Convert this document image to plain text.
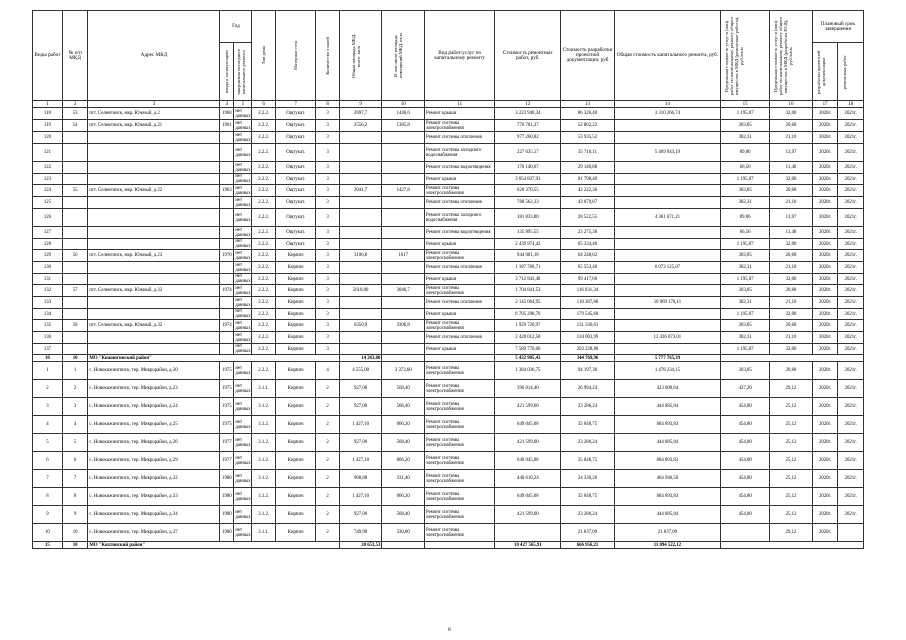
Виды работ	№ п/п МКД	Адрес МКД	Год		Тип дома	Материал стен	Количество этажей	Общая площадь МКД, всего, кв.м	В том числе площадь помещений МКД, кв.м	Вид работ/услуг по капитальному ремонту	Стоимость ремонтных работ, руб.	Стоимость разработки проектной документации, руб	Общая стоимость капитального ремонта, руб.	Предельная стоимость услуг и (или) работ по капитальному ремонту общего имущества в МКД (ремонтные работы), руб./кв.м	Предельная стоимость услуг и (или) работ по капитальному ремонту общего имущества в МКД (разработка ПСД), руб./кв.м	Плановый срок завершения	

			ввода в эксплуатацию	завершения последнего капитального ремонта												разработки проектной документации	ремонтных работ

1	2	3	4	5	6	7	8	9	10	11	12	13	14	15	16	17	18
118	53	пгт. Селенгинск, мкр. Южный, д.2	1968	нет данных	2.2.2.	Ощтукат.	3	2697,7	1446,6	Ремонт крыши	3 223 940,34	86 326,40	3 310 266,74	1 195,07	32,00	2020г.	2021г.
119	54	пгт. Селенгинск, мкр. Южный, д.21	1961	нет данных	2.2.2.	Ощтукат.	3	2556,2	1385,8	Ремонт системы электроснабжения	776 701,37	52 862,22		303,85	20,68	2020г.	2021г.
120				нет данных	2.2.2.	Ощтукат.	3			Ремонт системы отопления	977 260,82	53 935,52		382,31	21,10	2020г.	2021г.
121				нет данных	2.2.2.	Ощтукат.	3			Ремонт системы холодного водоснабжения	227 635,17	35 710,11	5 469 943,19	89,06	13,97	2020г.	2021г.
122				нет данных	2.2.2.	Ощтукат.	3			Ремонт системы водоотведения	170 140,67	29 140,88		66,56	11,40	2020г.	2021г.
123				нет данных	2.2.2.	Ощтукат.	3			Ремонт крыши	3 054 837,93	81 798,40		1 195,07	32,00	2020г.	2021г.
124	55	пгт. Селенгинск, мкр. Южный, д.22	1963	нет данных	2.2.2.	Ощтукат.	3	2041,7	1427,8	Ремонт системы электроснабжения	620 370,55	42 222,36		303,85	20,68	2020г.	2021г.
125				нет данных	2.2.2.	Ощтукат.	3			Ремонт системы отопления	780 562,33	43 079,87		382,31	21,10	2020г.	2021г.
126				нет данных	2.2.2.	Ощтукат.	3			Ремонт системы холодного водоснабжения	181 833,80	28 522,55	4 361 071,21	89,06	13,97	2020г.	2021г.
127				нет данных	2.2.2.	Ощтукат.	3			Ремонт системы водоотведения	135 895,55	23 275,38		66,56	11,40	2020г.	2021г.
128				нет данных	2.2.2.	Ощтукат.	3			Ремонт крыши	2 439 974,42	65 334,40		1 195,07	32,00	2020г.	2021г.
129	56	пгт. Селенгинск, мкр. Южный, д.23	1970	нет данных	2.2.2.	Кирпич	3	3106,8	1617	Ремонт системы электроснабжения	944 001,18	64 248,62		303,85	20,68	2020г.	2021г.
130				нет данных	2.2.2.	Кирпич	3			Ремонт системы отопления	1 187 760,71	65 553,48	6 073 125,07	382,31	21,10	2020г.	2021г.
131				нет данных	2.2.2.	Кирпич	3			Ремонт крыши	3 712 843,48	99 417,60		1 195,07	32,00	2020г.	2021г.
132	57	пгт. Селенгинск, мкр. Южный, д.33	1974	нет данных	2.2.2.	Кирпич	3	5610,00	3046,7	Ремонт системы электроснабжения	1 704 841,53	116 031,34		303,85	20,68	2020г.	2021г.
133				нет данных	2.2.2.	Кирпич	3			Ремонт системы отопления	2 145 064,95	118 387,88	10 969 170,11	382,31	21,10	2020г.	2021г.
134				нет данных	2.2.2.	Кирпич	3			Ремонт крыши	6 705 298,76	179 545,60		1 195,07	32,00	2020г.	2021г.
135	58	пгт. Селенгинск, мкр. Южный, д.32	1974	нет данных	2.2.2.	Кирпич	3	6350,9	3306,8	Ремонт системы электроснабжения	1 929 720,97	131 336,61		303,85	20,68	2020г.	2021г.
136				нет данных	2.2.2.	Кирпич	3			Ремонт системы отопления	2 428 012,58	134 003,99	12 436 073,01	382,31	21,10	2020г.	2021г.
137				нет данных	2.2.2.	Кирпич	3			Ремонт крыши	7 589 770,06	203 228,80		1 195,07	32,00	2020г.	2021г.
10	10	МО "Кижингинский район"						14 263,00			5 432 905,43	344 769,96	5 777 765,39				
1	1	с. Новокижингинск, тер. Микрорайон, д.30	1975	нет данных	2.2.2.	Кирпич	4	4 555,00	3 373,60	Ремонт системы электроснабжения	1 384 036,75	94 197,30	1 478 234,15	303,85	20,68	2020г.	2021г.
2	2	с. Новокижингинск, тер. Микрорайон, д.23	1975	нет данных	3.1.1.	Кирпич	2	927,00	568,40	Ремонт системы электроснабжения	396 014,40	26 994,24	423 008,64	427,20	29,12	2020г.	2021г.
3	3	с. Новокижингинск, тер. Микрорайон, д.24	1975	нет данных	3.1.2.	Кирпич	2	927,00	568,40	Ремонт системы электроснабжения	421 599,60	23 286,24	444 885,84	454,80	25,12	2020г.	2021г.
4	4	с. Новокижингинск, тер. Микрорайон, д.25	1975	нет данных	3.1.2.	Кирпич	2	1 427,10	866,20	Ремонт системы электроснабжения	649 045,08	35 848,75	684 893,83	454,80	25,12	2020г.	2021г.
5	5	с. Новокижингинск, тер. Микрорайон, д.26	1977	нет данных	3.1.2.	Кирпич	2	927,00	568,40	Ремонт системы электроснабжения	421 599,60	23 286,24	444 885,84	454,80	25,12	2020г.	2021г.
6	6	с. Новокижингинск, тер. Микрорайон, д.29	1977	нет данных	3.1.2.	Кирпич	2	1 427,10	866,20	Ремонт системы электроснабжения	649 045,08	35 848,75	684 893,83	454,80	25,12	2020г.	2021г.
7	7	с. Новокижингинск, тер. Микрорайон, д.32	1980	нет данных	3.1.2.	Кирпич	2	968,80	331,40	Ремонт системы электроснабжения	440 610,24	24 336,26	464 946,50	454,80	25,12	2020г.	2021г.
8	8	с. Новокижингинск, тер. Микрорайон, д.33	1980	нет данных	3.1.2.	Кирпич	2	1 427,10	866,20	Ремонт системы электроснабжения	649 045,08	35 848,75	684 893,83	454,80	25,12	2020г.	2021г.
9	9	с. Новокижингинск, тер. Микрорайон, д.34	1980	нет данных	3.1.2.	Кирпич	2	927,00	568,40	Ремонт системы электроснабжения	421 599,60	23 286,24	444 885,84	454,80	25,12	2020г.	2021г.
10	10	с. Новокижингинск, тер. Микрорайон, д.37	1980	нет данных	3.1.1.	Кирпич	2	749,90	330,00	Ремонт системы электроснабжения		21 837,09	21 837,09		29,12	2020г.	
15	10	МО "Кяхтинский район"						20 653,53			10 427 565,91	666 956,21	11 094 522,12				
8
